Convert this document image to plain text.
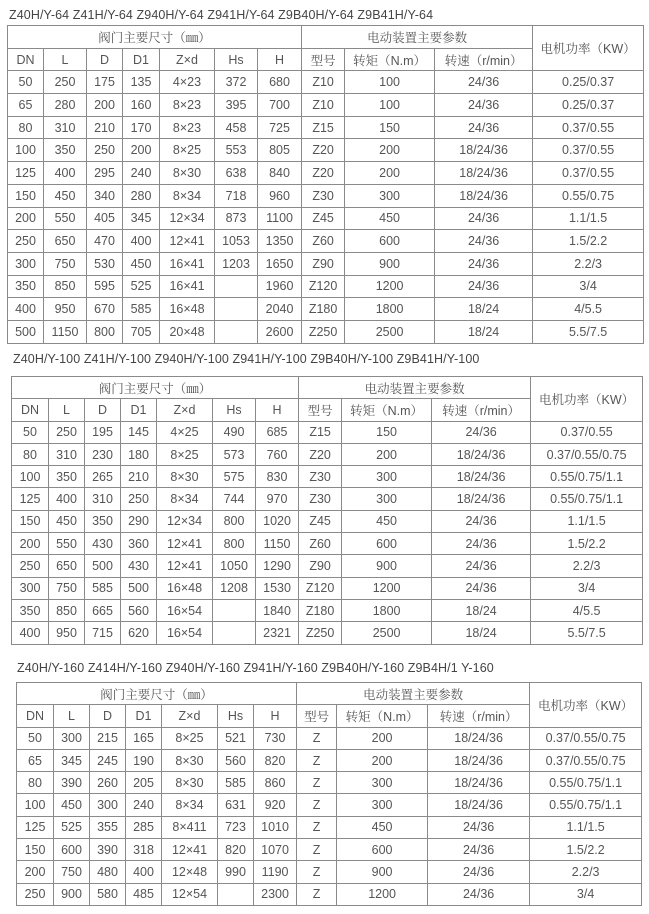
Z40H/Y-64 Z41H/Y-64 Z940H/Y-64 Z941H/Y-64 Z9B40H/Y-64 Z9B41H/Y-64
阀门主要尺寸（㎜）							电动装置主要参数			电机功率（KW）
DN	L	D	D1	Z×d	Hs	H	型号	转矩（N.m）	转速（r/min）	
50	250	175	135	4×23	372	680	Z10	100	24/36	0.25/0.37
65	280	200	160	8×23	395	700	Z10	100	24/36	0.25/0.37
80	310	210	170	8×23	458	725	Z15	150	24/36	0.37/0.55
100	350	250	200	8×25	553	805	Z20	200	18/24/36	0.37/0.55
125	400	295	240	8×30	638	840	Z20	200	18/24/36	0.37/0.55
150	450	340	280	8×34	718	960	Z30	300	18/24/36	0.55/0.75
200	550	405	345	12×34	873	1100	Z45	450	24/36	1.1/1.5
250	650	470	400	12×41	1053	1350	Z60	600	24/36	1.5/2.2
300	750	530	450	16×41	1203	1650	Z90	900	24/36	2.2/3
350	850	595	525	16×41		1960	Z120	1200	24/36	3/4
400	950	670	585	16×48		2040	Z180	1800	18/24	4/5.5
500	1150	800	705	20×48		2600	Z250	2500	18/24	5.5/7.5
Z40H/Y-100 Z41H/Y-100 Z940H/Y-100 Z941H/Y-100 Z9B40H/Y-100 Z9B41H/Y-100
阀门主要尺寸（㎜）							电动装置主要参数			电机功率（KW）
DN	L	D	D1	Z×d	Hs	H	型号	转矩（N.m）	转速（r/min）	
50	250	195	145	4×25	490	685	Z15	150	24/36	0.37/0.55
80	310	230	180	8×25	573	760	Z20	200	18/24/36	0.37/0.55/0.75
100	350	265	210	8×30	575	830	Z30	300	18/24/36	0.55/0.75/1.1
125	400	310	250	8×34	744	970	Z30	300	18/24/36	0.55/0.75/1.1
150	450	350	290	12×34	800	1020	Z45	450	24/36	1.1/1.5
200	550	430	360	12×41	800	1150	Z60	600	24/36	1.5/2.2
250	650	500	430	12×41	1050	1290	Z90	900	24/36	2.2/3
300	750	585	500	16×48	1208	1530	Z120	1200	24/36	3/4
350	850	665	560	16×54		1840	Z180	1800	18/24	4/5.5
400	950	715	620	16×54		2321	Z250	2500	18/24	5.5/7.5
Z40H/Y-160 Z414H/Y-160 Z940H/Y-160 Z941H/Y-160 Z9B40H/Y-160 Z9B4H/1 Y-160
阀门主要尺寸（㎜）							电动装置主要参数			电机功率（KW）
DN	L	D	D1	Z×d	Hs	H	型号	转矩（N.m）	转速（r/min）	
50	300	215	165	8×25	521	730	Z	200	18/24/36	0.37/0.55/0.75
65	345	245	190	8×30	560	820	Z	200	18/24/36	0.37/0.55/0.75
80	390	260	205	8×30	585	860	Z	300	18/24/36	0.55/0.75/1.1
100	450	300	240	8×34	631	920	Z	300	18/24/36	0.55/0.75/1.1
125	525	355	285	8×411	723	1010	Z	450	24/36	1.1/1.5
150	600	390	318	12×41	820	1070	Z	600	24/36	1.5/2.2
200	750	480	400	12×48	990	1190	Z	900	24/36	2.2/3
250	900	580	485	12×54		2300	Z	1200	24/36	3/4
